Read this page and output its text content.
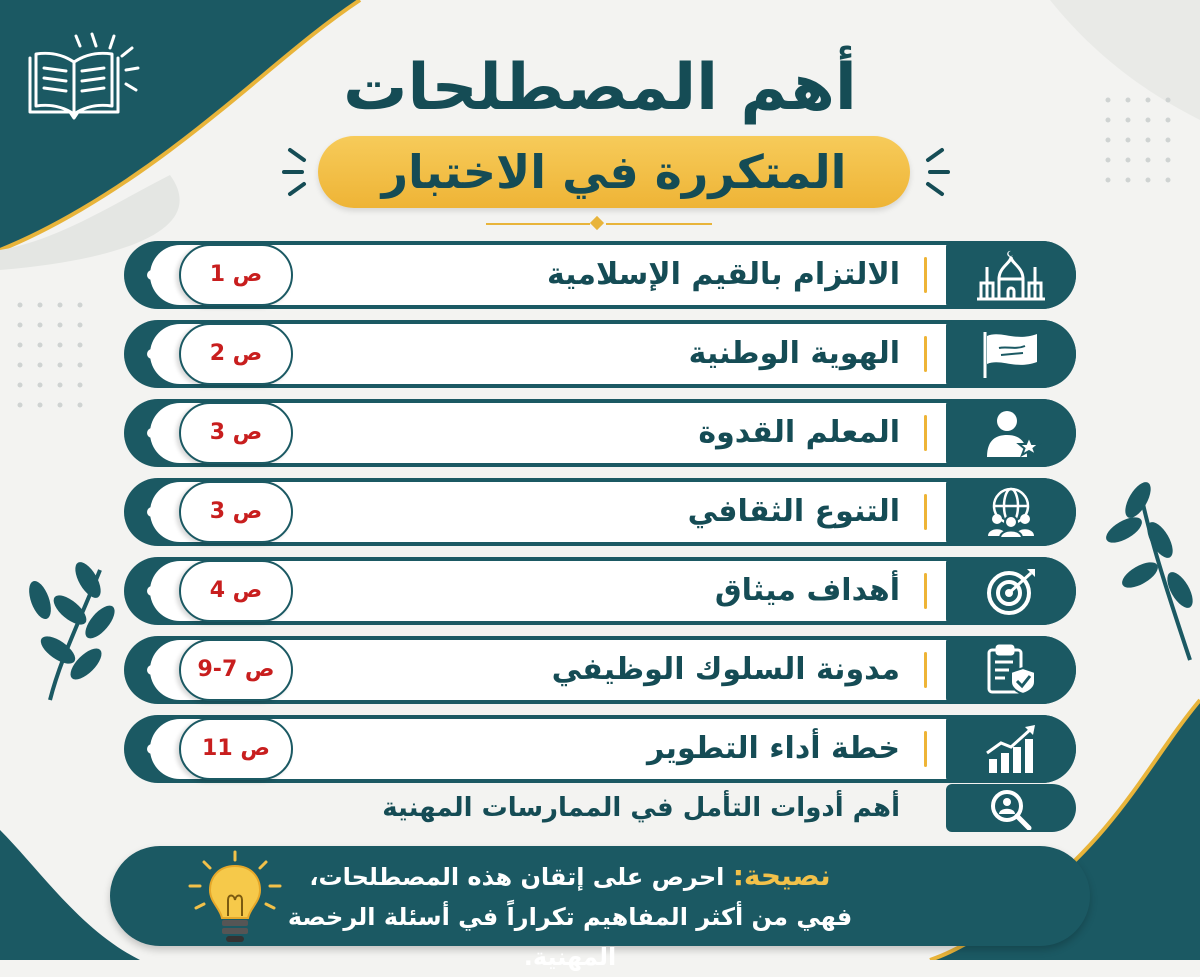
أهم المصطلحات
المتكررة في الاختبار
ص 1	الالتزام بالقيم الإسلامية
ص 2	الهوية الوطنية
ص 3	المعلم القدوة
ص 3	التنوع الثقافي
ص 4	أهداف ميثاق
ص 7-9	مدونة السلوك الوظيفي
ص 11	خطة أداء التطوير
أهم أدوات التأمل في الممارسات المهنية
نصيحة: احرص على إتقان هذه المصطلحات،
فهي من أكثر المفاهيم تكراراً في أسئلة الرخصة المهنية.
